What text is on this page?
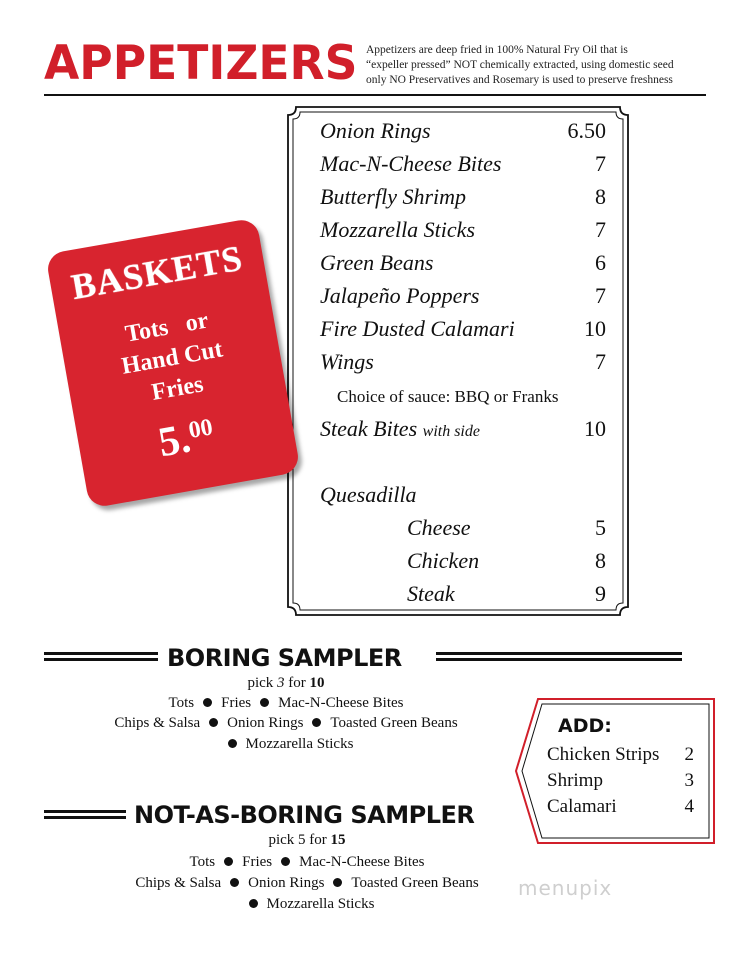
APPETIZERS Appetizers are deep fried in 100% Natural Fry Oil that is
“expeller pressed” NOT chemically extracted, using domestic seed
only NO Preservatives and Rosemary is used to preserve freshness
Onion Rings	6.50
Mac-N-Cheese Bites	7
Butterfly Shrimp	8
Mozzarella Sticks	7
Green Beans	6
Jalapeño Poppers	7
Fire Dusted Calamari	10
Wings	7
Choice of sauce: BBQ or Franks
Steak Bites with side	10
Quesadilla
Cheese	5
Chicken	8
Steak	9
BASKETS
Tots   or
Hand Cut
Fries
5.00
BORING SAMPLER
pick 3 for 10
Tots Fries Mac-N-Cheese Bites
Chips & Salsa Onion Rings Toasted Green Beans
Mozzarella Sticks
ADD:
Chicken Strips 2
Shrimp	3
Calamari	4
NOT-AS-BORING SAMPLER
pick 5 for 15
Tots Fries Mac-N-Cheese Bites
Chips & Salsa Onion Rings Toasted Green Beans
Mozzarella Sticks
menupix
